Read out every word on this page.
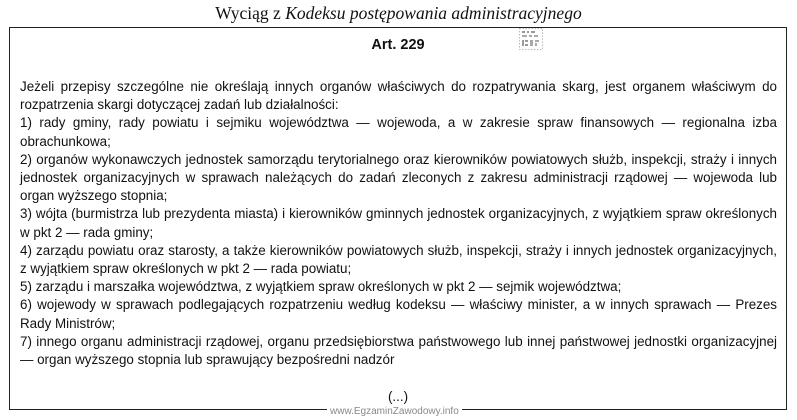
Wyciąg z Kodeksu postępowania administracyjnego
Art. 229

Jeżeli przepisy szczególne nie określają innych organów właściwych do rozpatrywania skarg, jest organem właściwym do rozpatrzenia skargi dotyczącej zadań lub działalności:

1) rady gminy, rady powiatu i sejmiku województwa — wojewoda, a w zakresie spraw finansowych — regionalna izba obrachunkowa;

2) organów wykonawczych jednostek samorządu terytorialnego oraz kierowników powiatowych służb, inspekcji, straży i innych jednostek organizacyjnych w sprawach należących do zadań zleconych z zakresu administracji rządowej — wojewoda lub organ wyższego stopnia;

3) wójta (burmistrza lub prezydenta miasta) i kierowników gminnych jednostek organizacyjnych, z wyjątkiem spraw określonych w pkt 2 — rada gminy;

4) zarządu powiatu oraz starosty, a także kierowników powiatowych służb, inspekcji, straży i innych jednostek organizacyjnych, z wyjątkiem spraw określonych w pkt 2 — rada powiatu;

5) zarządu i marszałka województwa, z wyjątkiem spraw określonych w pkt 2 — sejmik województwa;

6) wojewody w sprawach podlegających rozpatrzeniu według kodeksu — właściwy minister, a w innych sprawach — Prezes Rady Ministrów;

7) innego organu administracji rządowej, organu przedsiębiorstwa państwowego lub innej państwowej jednostki organizacyjnej — organ wyższego stopnia lub sprawujący bezpośredni nadzór

(...)
www.EgzaminZawodowy.info
